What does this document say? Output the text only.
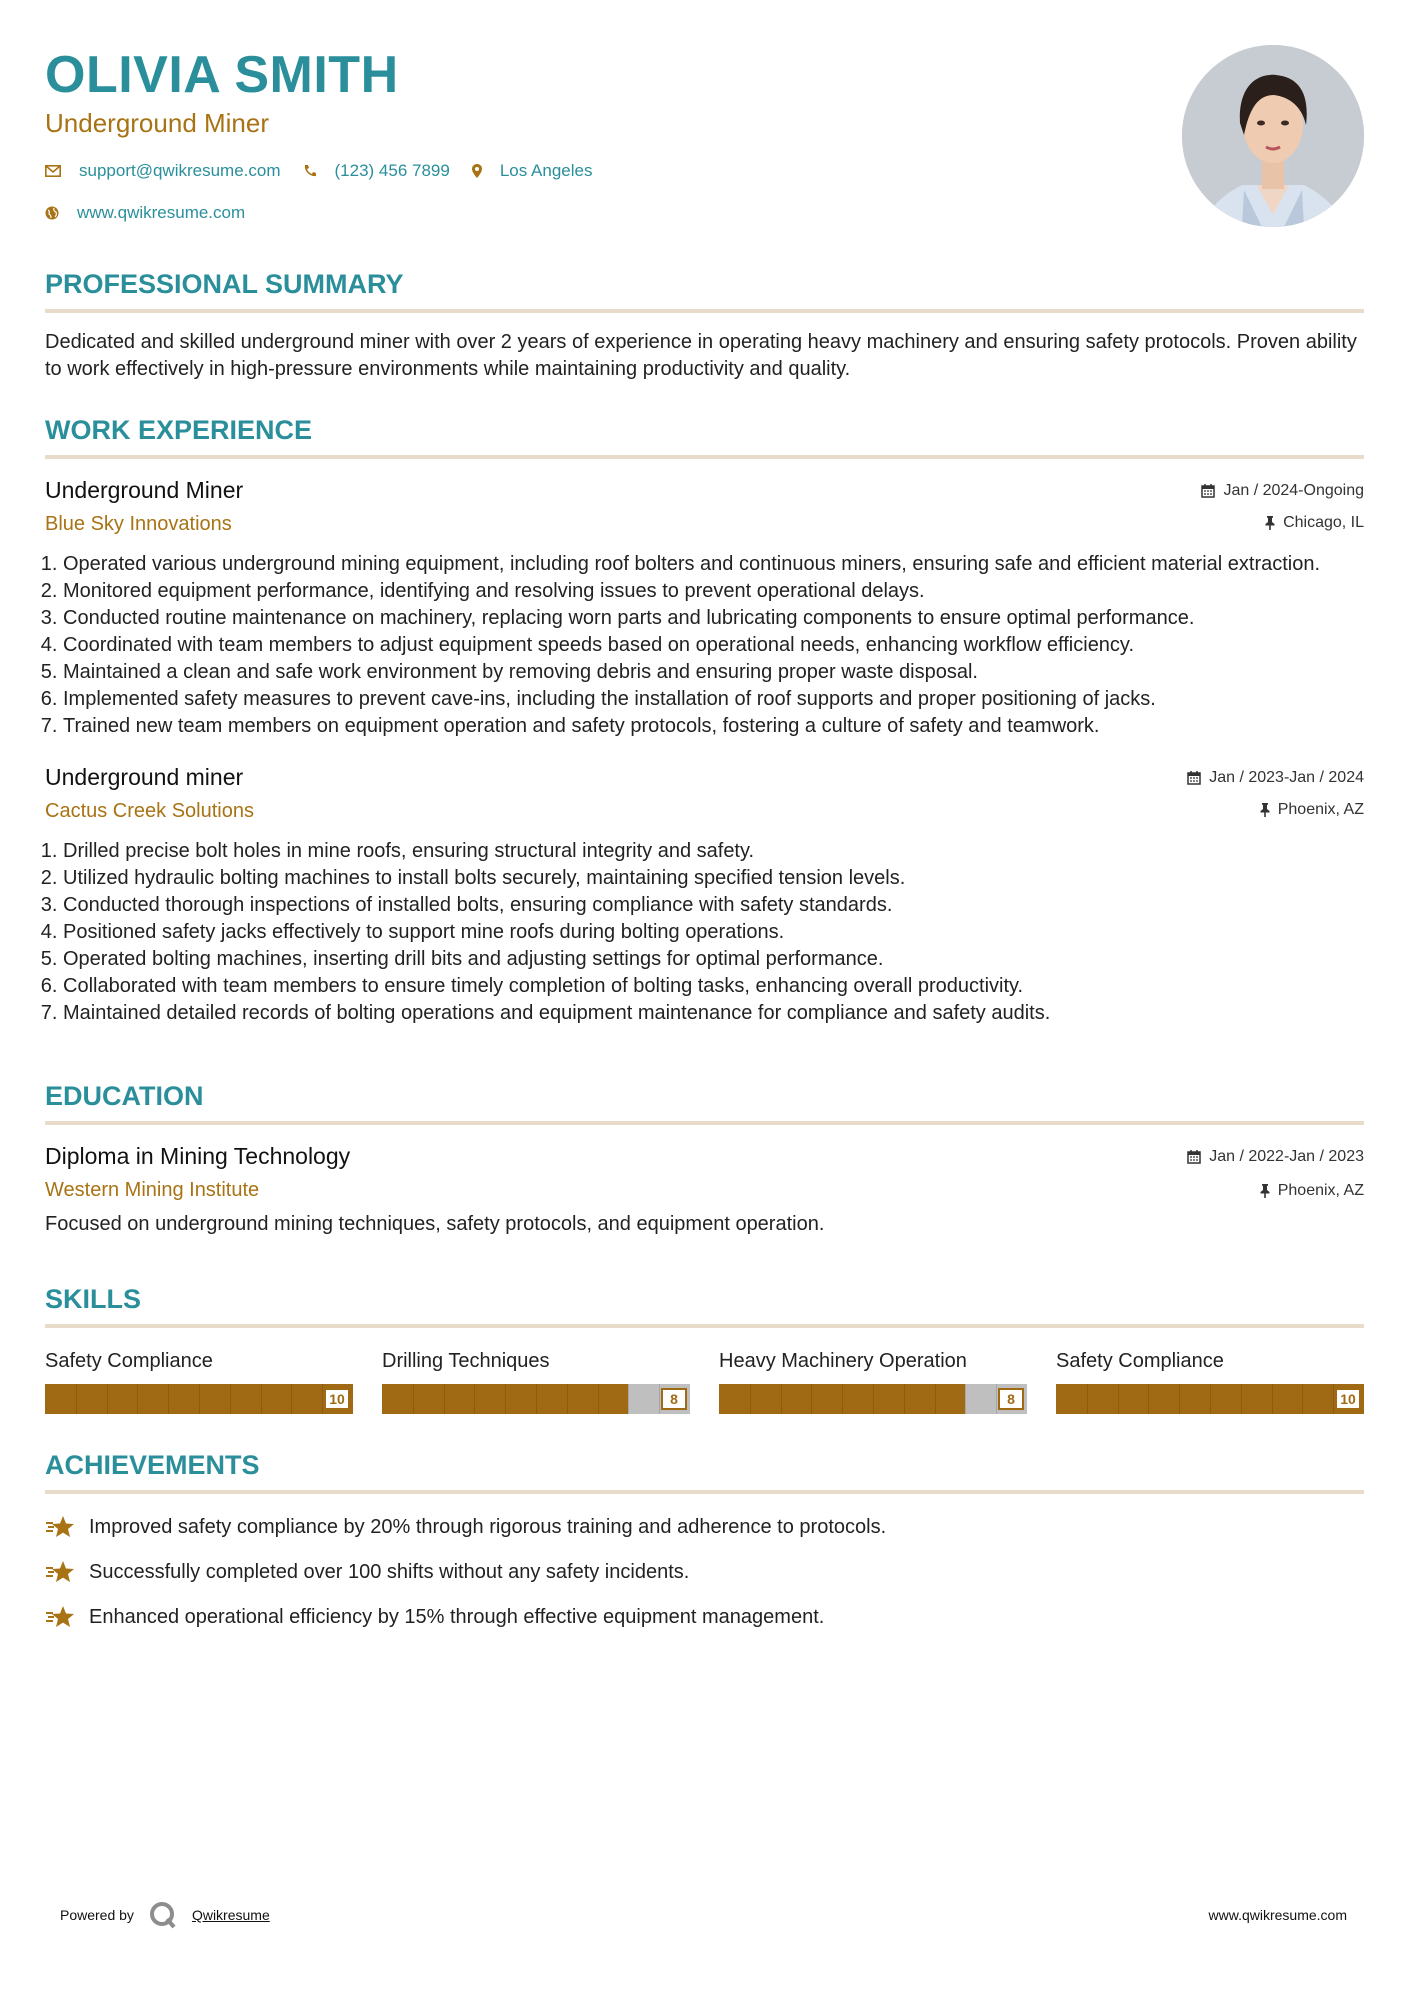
OLIVIA SMITH
Underground Miner
support@qwikresume.com	(123) 456 7899	Los Angeles
www.qwikresume.com
PROFESSIONAL SUMMARY
Dedicated and skilled underground miner with over 2 years of experience in operating heavy machinery and ensuring safety protocols. Proven ability to work effectively in high-pressure environments while maintaining productivity and quality.
WORK EXPERIENCE
Underground Miner
Blue Sky Innovations
Jan / 2024-Ongoing
Chicago, IL
1. Operated various underground mining equipment, including roof bolters and continuous miners, ensuring safe and efficient material extraction.
2. Monitored equipment performance, identifying and resolving issues to prevent operational delays.
3. Conducted routine maintenance on machinery, replacing worn parts and lubricating components to ensure optimal performance.
4. Coordinated with team members to adjust equipment speeds based on operational needs, enhancing workflow efficiency.
5. Maintained a clean and safe work environment by removing debris and ensuring proper waste disposal.
6. Implemented safety measures to prevent cave-ins, including the installation of roof supports and proper positioning of jacks.
7. Trained new team members on equipment operation and safety protocols, fostering a culture of safety and teamwork.
Underground miner
Cactus Creek Solutions
Jan / 2023-Jan / 2024
Phoenix, AZ
1. Drilled precise bolt holes in mine roofs, ensuring structural integrity and safety.
2. Utilized hydraulic bolting machines to install bolts securely, maintaining specified tension levels.
3. Conducted thorough inspections of installed bolts, ensuring compliance with safety standards.
4. Positioned safety jacks effectively to support mine roofs during bolting operations.
5. Operated bolting machines, inserting drill bits and adjusting settings for optimal performance.
6. Collaborated with team members to ensure timely completion of bolting tasks, enhancing overall productivity.
7. Maintained detailed records of bolting operations and equipment maintenance for compliance and safety audits.
EDUCATION
Diploma in Mining Technology
Western Mining Institute
Jan / 2022-Jan / 2023
Phoenix, AZ
Focused on underground mining techniques, safety protocols, and equipment operation.
SKILLS
Safety Compliance
10
Drilling Techniques
8
Heavy Machinery Operation
8
Safety Compliance
10
ACHIEVEMENTS
Improved safety compliance by 20% through rigorous training and adherence to protocols.
Successfully completed over 100 shifts without any safety incidents.
Enhanced operational efficiency by 15% through effective equipment management.
Powered by	Qwikresume	www.qwikresume.com
